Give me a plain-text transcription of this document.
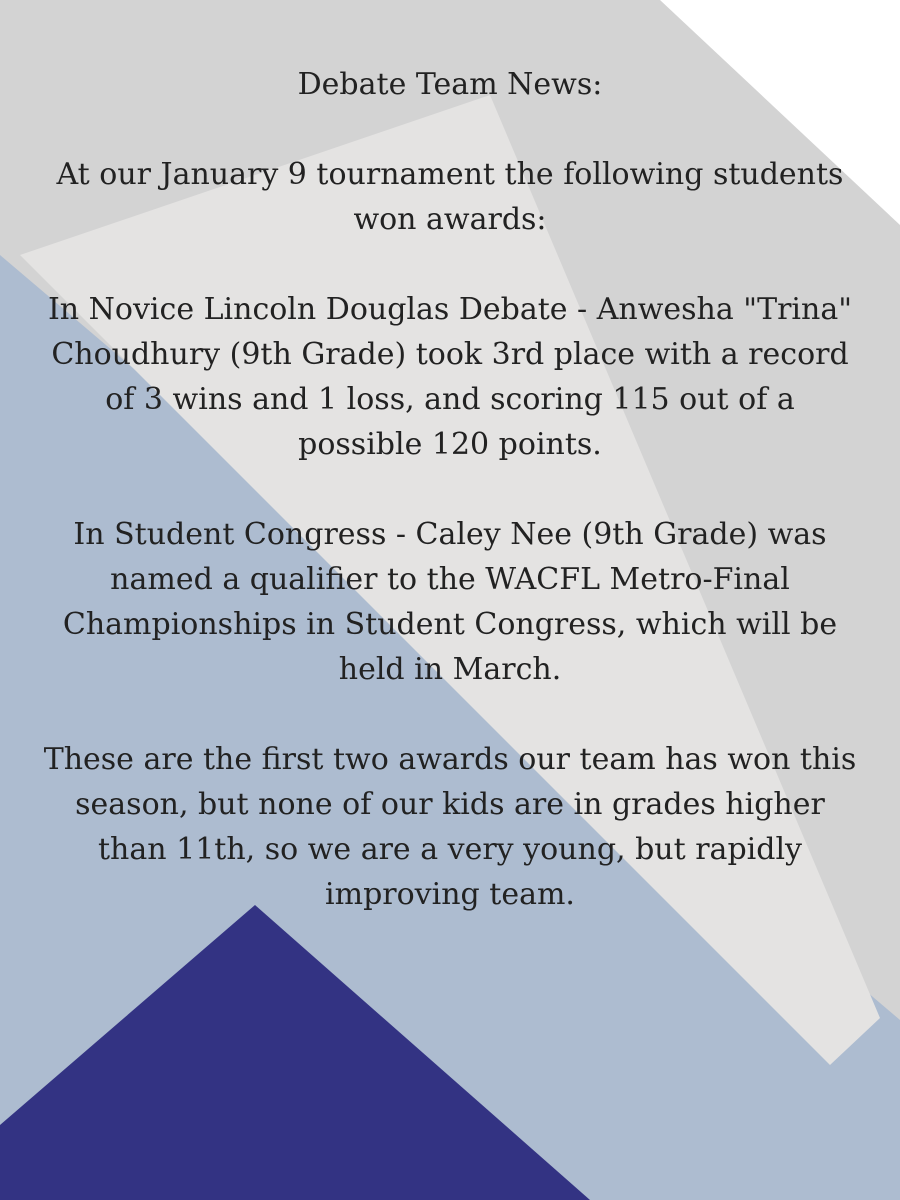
Debate Team News:

At our January 9 tournament the following students won awards:

In Novice Lincoln Douglas Debate - Anwesha "Trina" Choudhury (9th Grade) took 3rd place with a record of 3 wins and 1 loss, and scoring 115 out of a possible 120 points.

In Student Congress - Caley Nee (9th Grade) was named a qualifier to the WACFL Metro-Final Championships in Student Congress, which will be held in March.

These are the first two awards our team has won this season, but none of our kids are in grades higher than 11th, so we are a very young, but rapidly improving team.
